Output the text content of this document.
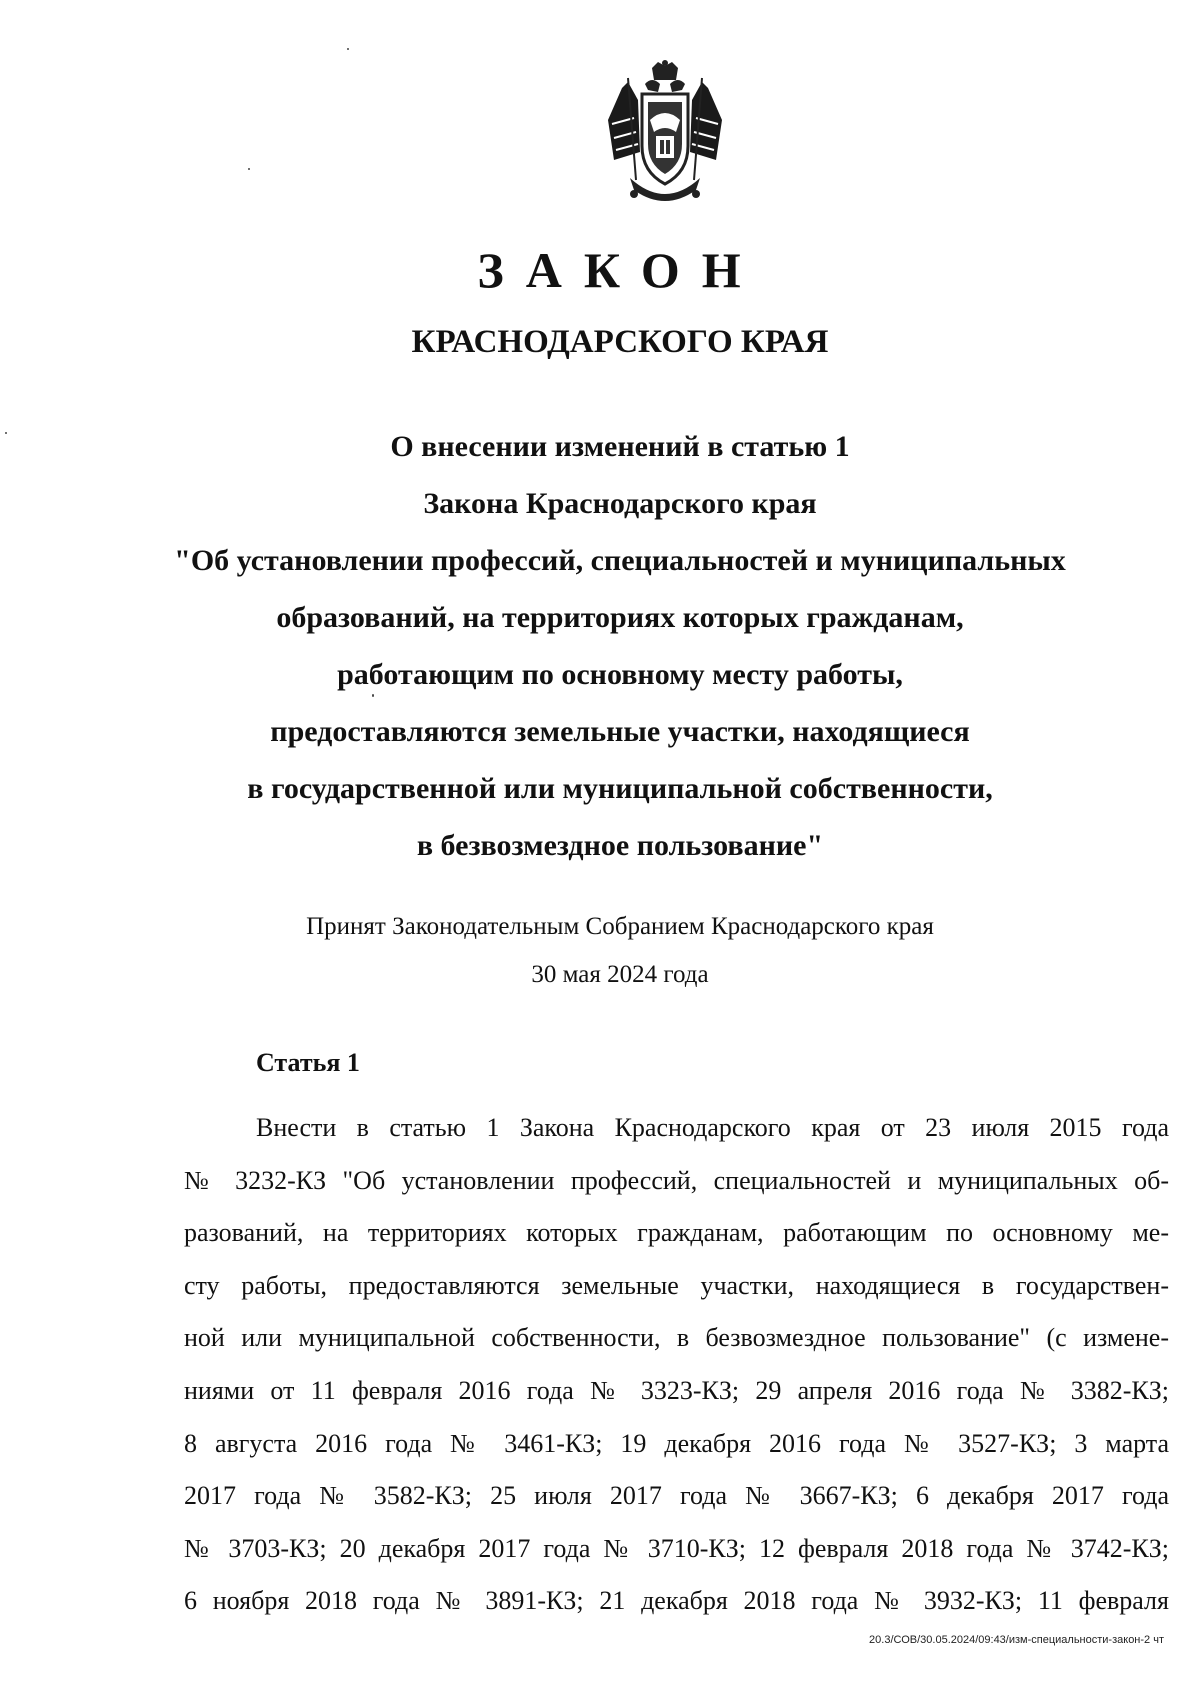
ЗАКОН
КРАСНОДАРСКОГО КРАЯ
О внесении изменений в статью 1
Закона Краснодарского края
"Об установлении профессий, специальностей и муниципальных
образований, на территориях которых гражданам,
работающим по основному месту работы,
предоставляются земельные участки, находящиеся
в государственной или муниципальной собственности,
в безвозмездное пользование"
Принят Законодательным Собранием Краснодарского края
30 мая 2024 года
Статья 1
Внести в статью 1 Закона Краснодарского края от 23 июля 2015 года
№ 3232-КЗ "Об установлении профессий, специальностей и муниципальных об-
разований, на территориях которых гражданам, работающим по основному ме-
сту работы, предоставляются земельные участки, находящиеся в государствен-
ной или муниципальной собственности, в безвозмездное пользование" (с измене-
ниями от 11 февраля 2016 года № 3323-КЗ; 29 апреля 2016 года № 3382-КЗ;
8 августа 2016 года № 3461-КЗ; 19 декабря 2016 года № 3527-КЗ; 3 марта
2017 года № 3582-КЗ; 25 июля 2017 года № 3667-КЗ; 6 декабря 2017 года
№ 3703-КЗ; 20 декабря 2017 года № 3710-КЗ; 12 февраля 2018 года № 3742-КЗ;
6 ноября 2018 года № 3891-КЗ; 21 декабря 2018 года № 3932-КЗ; 11 февраля
20.3/СОВ/30.05.2024/09:43/изм-специальности-закон-2 чт
